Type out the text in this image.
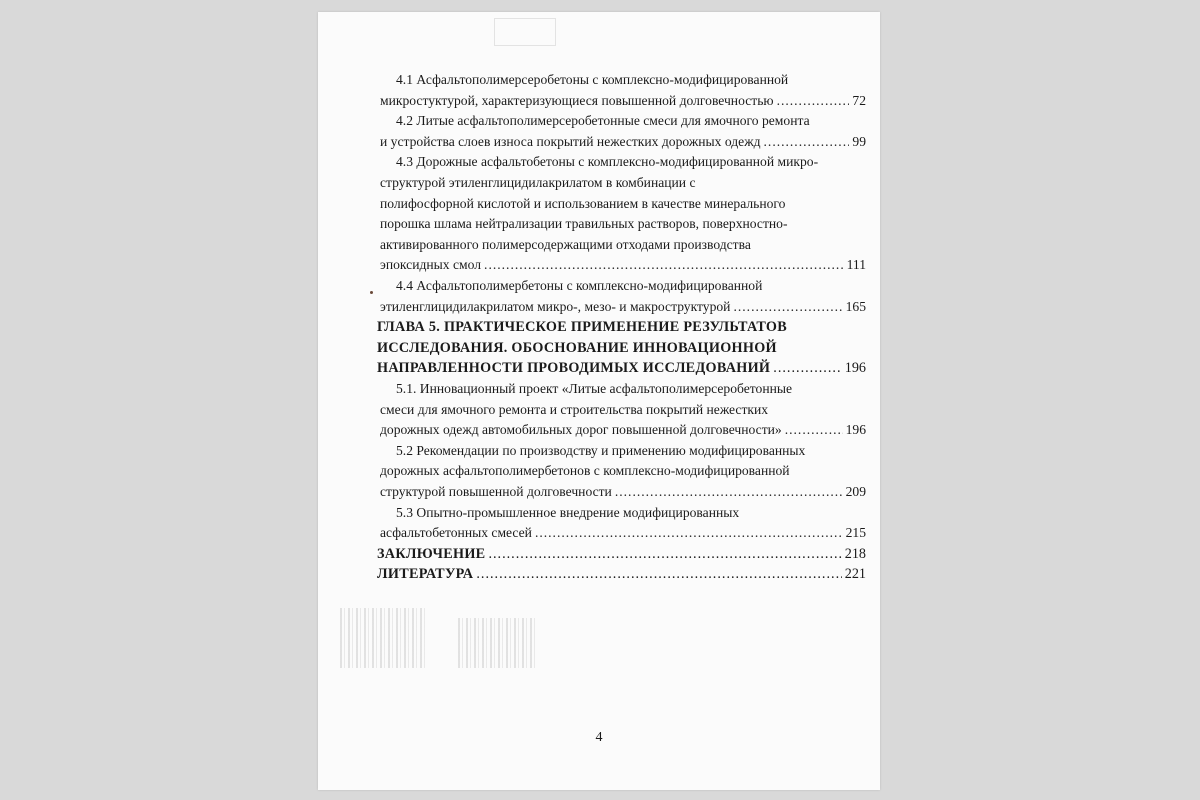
4.1 Асфальтополимерсеробетоны с комплексно-модифицированной
микростуктурой, характеризующиеся повышенной долговечностью .....	72
4.2 Литые асфальтополимерсеробетонные смеси для ямочного ремонта
и устройства слоев износа покрытий нежестких дорожных одежд .....	99
4.3 Дорожные асфальтобетоны с комплексно-модифицированной микро-
структурой этиленглицидилакрилатом в комбинации с
полифосфорной кислотой и использованием в качестве минерального
порошка шлама нейтрализации травильных растворов, поверхностно-
активированного полимерсодержащими отходами производства
эпоксидных смол .....	111
4.4 Асфальтополимербетоны с комплексно-модифицированной
этиленглицидилакрилатом микро-, мезо- и макроструктурой .....	165
ГЛАВА 5. ПРАКТИЧЕСКОЕ ПРИМЕНЕНИЕ РЕЗУЛЬТАТОВ
ИССЛЕДОВАНИЯ. ОБОСНОВАНИЕ ИННОВАЦИОННОЙ
НАПРАВЛЕННОСТИ ПРОВОДИМЫХ ИССЛЕДОВАНИЙ .....	196
5.1. Инновационный проект «Литые асфальтополимерсеробетонные
смеси для ямочного ремонта и строительства покрытий нежестких
дорожных одежд автомобильных дорог повышенной долговечности» .....	196
5.2 Рекомендации по производству и применению модифицированных
дорожных асфальтополимербетонов с комплексно-модифицированной
структурой повышенной долговечности .....	209
5.3 Опытно-промышленное внедрение модифицированных
асфальтобетонных смесей .....	215
ЗАКЛЮЧЕНИЕ .....	218
ЛИТЕРАТУРА .....	221
4
